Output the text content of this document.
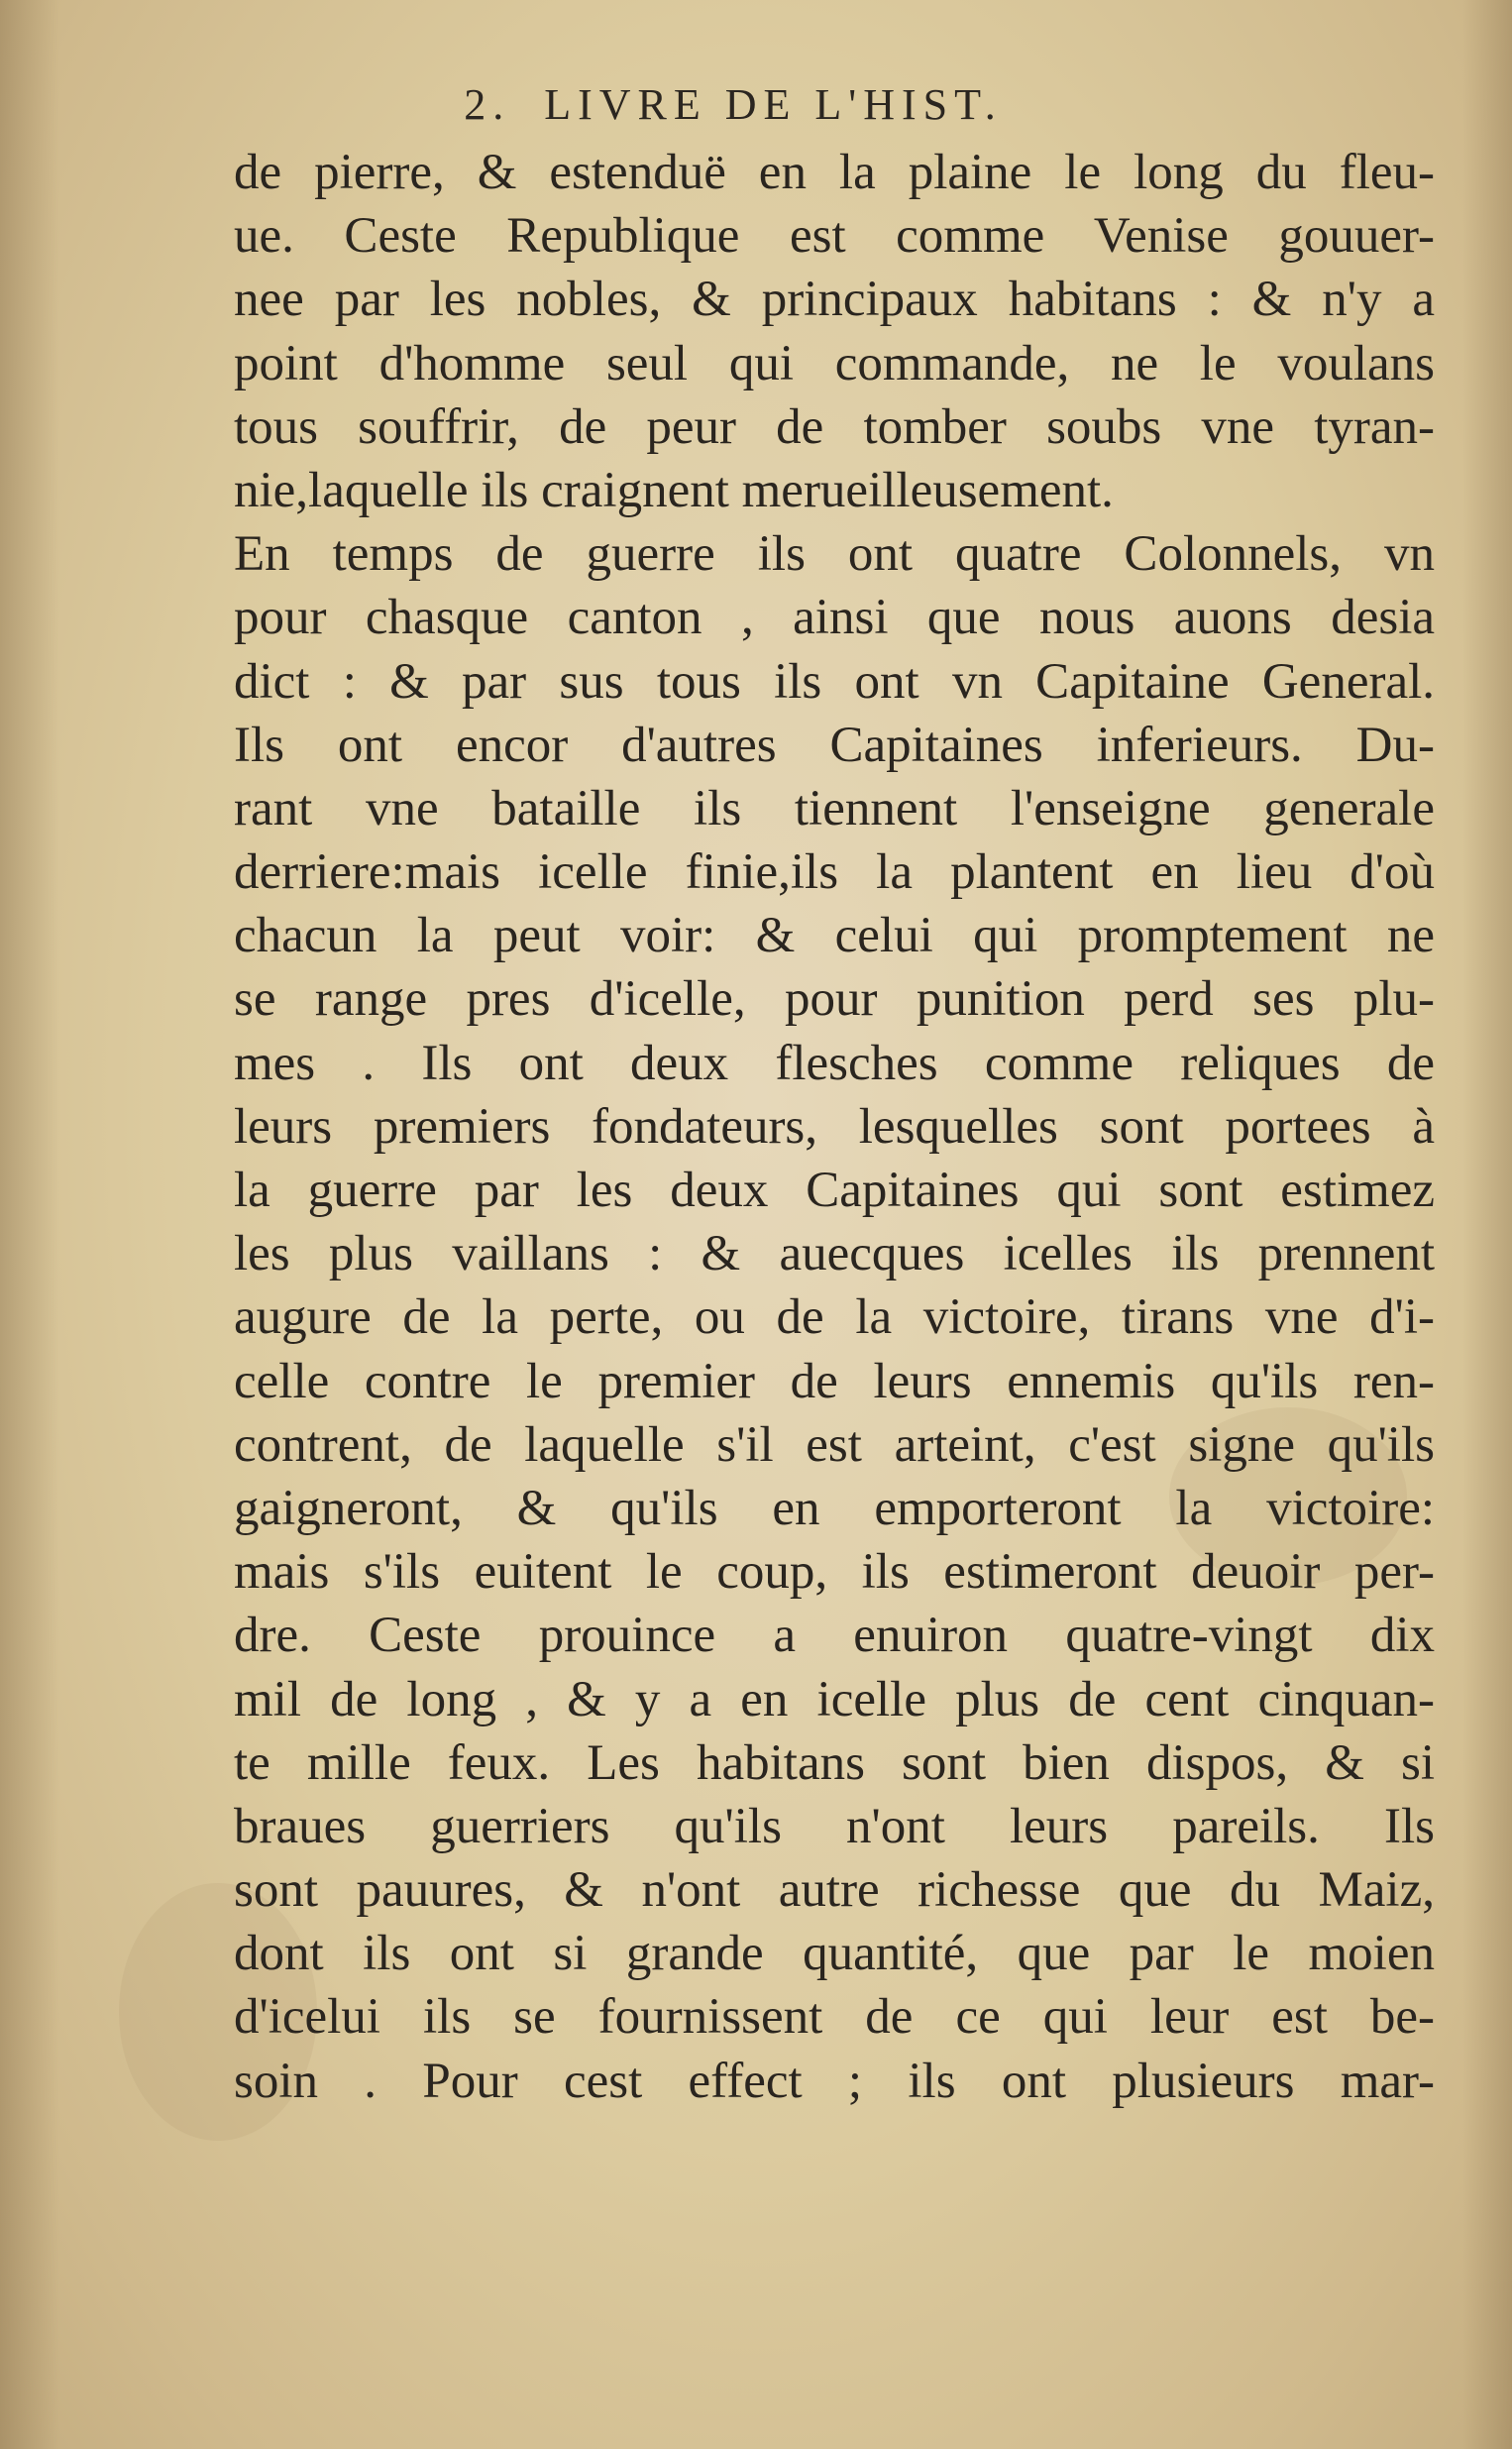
2. LIVRE DE L'HIST.
de pierre, & estenduë en la plaine le long du fleu-
ue. Ceste Republique est comme Venise gouuer-
nee par les nobles, & principaux habitans : & n'y a
point d'homme seul qui commande, ne le voulans
tous souffrir, de peur de tomber soubs vne tyran-
nie,laquelle ils craignent merueilleusement.
En temps de guerre ils ont quatre Colonnels, vn
pour chasque canton , ainsi que nous auons desia
dict : & par sus tous ils ont vn Capitaine General.
Ils ont encor d'autres Capitaines inferieurs. Du-
rant vne bataille ils tiennent l'enseigne generale
derriere:mais icelle finie,ils la plantent en lieu d'où
chacun la peut voir: & celui qui promptement ne
se range pres d'icelle, pour punition perd ses plu-
mes . Ils ont deux flesches comme reliques de
leurs premiers fondateurs, lesquelles sont portees à
la guerre par les deux Capitaines qui sont estimez
les plus vaillans : & auecques icelles ils prennent
augure de la perte, ou de la victoire, tirans vne d'i-
celle contre le premier de leurs ennemis qu'ils ren-
contrent, de laquelle s'il est arteint, c'est signe qu'ils
gaigneront, & qu'ils en emporteront la victoire:
mais s'ils euitent le coup, ils estimeront deuoir per-
dre. Ceste prouince a enuiron quatre-vingt dix
mil de long , & y a en icelle plus de cent cinquan-
te mille feux. Les habitans sont bien dispos, & si
braues guerriers qu'ils n'ont leurs pareils. Ils
sont pauures, & n'ont autre richesse que du Maiz,
dont ils ont si grande quantité, que par le moien
d'icelui ils se fournissent de ce qui leur est be-
soin . Pour cest effect ; ils ont plusieurs mar-
